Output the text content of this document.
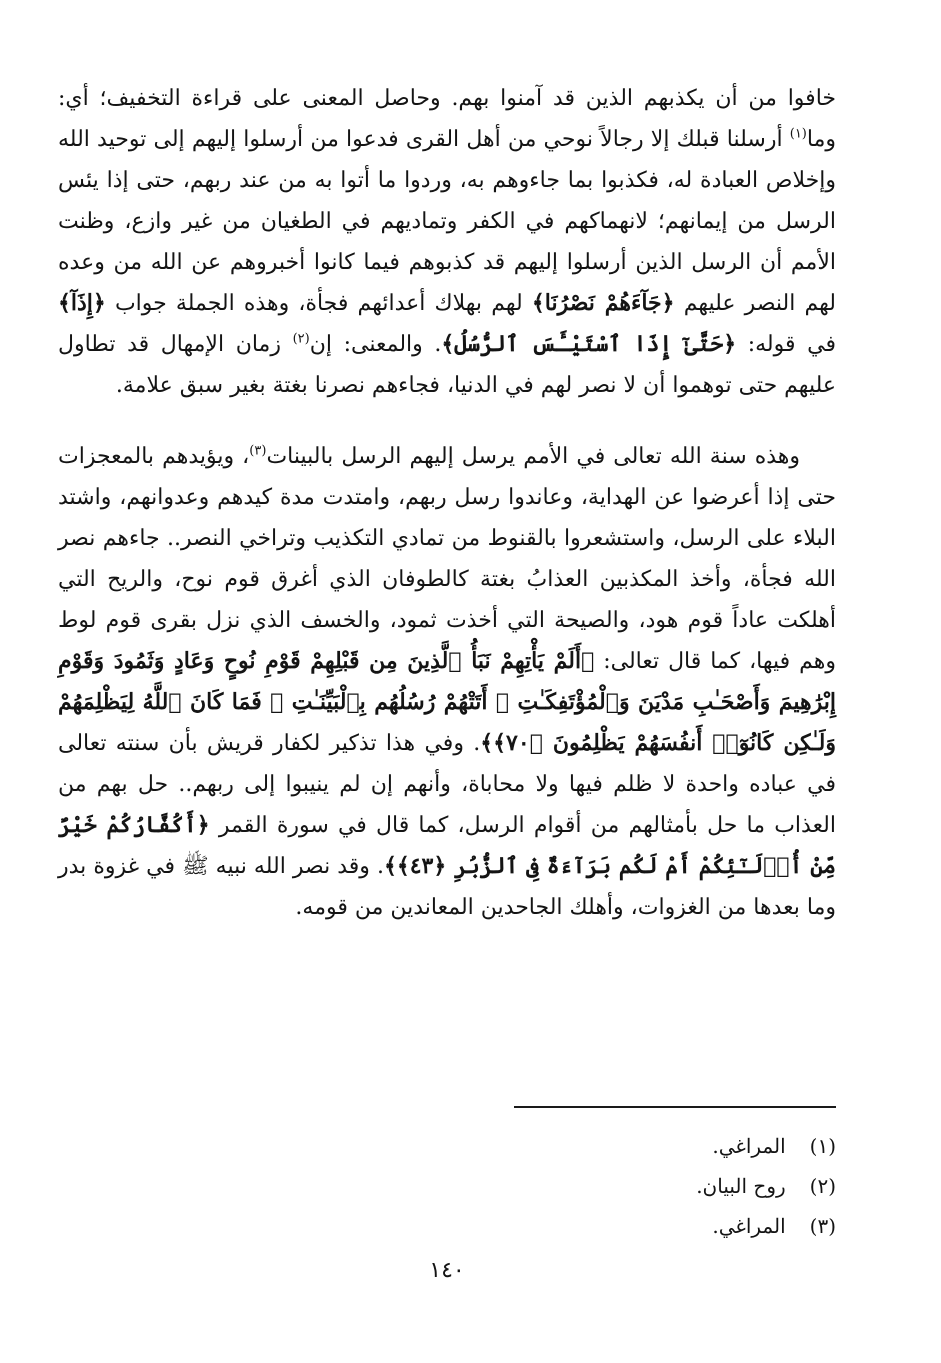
خافوا من أن يكذبهم الذين قد آمنوا بهم. وحاصل المعنى على قراءة التخفيف؛ أي: وما$^{(١)}$ أرسلنا قبلك إلا رجالاً نوحي من أهل القرى فدعوا من أرسلوا إليهم إلى توحيد الله وإخلاص العبادة له، فكذبوا بما جاءوهم به، وردوا ما أتوا به من عند ربهم، حتى إذا يئس الرسل من إيمانهم؛ لانهماكهم في الكفر وتماديهم في الطغيان من غير وازع، وظنت الأمم أن الرسل الذين أرسلوا إليهم قد كذبوهم فيما كانوا أخبروهم عن الله من وعده لهم النصر عليهم ﴿جَآءَهُمْ نَصْرُنَا﴾ لهم بهلاك أعدائهم فجأة، وهذه الجملة جواب ﴿إِذَآ﴾ في قوله: ﴿حَتَّىٰٓ إِذَا ٱسْتَيْـَٔسَ ٱلرُّسُلُ﴾. والمعنى: إن$^{(٢)}$ زمان الإمهال قد تطاول عليهم حتى توهموا أن لا نصر لهم في الدنيا، فجاءهم نصرنا بغتة بغير سبق علامة.

وهذه سنة الله تعالى في الأمم يرسل إليهم الرسل بالبينات$^{(٣)}$، ويؤيدهم بالمعجزات حتى إذا أعرضوا عن الهداية، وعاندوا رسل ربهم، وامتدت مدة كيدهم وعدوانهم، واشتد البلاء على الرسل، واستشعروا بالقنوط من تمادي التكذيب وتراخي النصر.. جاءهم نصر الله فجأة، وأخذ المكذبين العذابُ بغتة كالطوفان الذي أغرق قوم نوح، والريح التي أهلكت عاداً قوم هود، والصيحة التي أخذت ثمود، والخسف الذي نزل بقرى قوم لوط وهم فيها، كما قال تعالى: ﴿أَلَمْ يَأْتِهِمْ نَبَأُ ٱلَّذِينَ مِن قَبْلِهِمْ قَوْمِ نُوحٍ وَعَادٍ وَثَمُودَ وَقَوْمِ إِبْرَٰهِيمَ وَأَصْحَـٰبِ مَدْيَنَ وَٱلْمُؤْتَفِكَـٰتِ ۚ أَتَتْهُمْ رُسُلُهُم بِٱلْبَيِّنَـٰتِ ۖ فَمَا كَانَ ٱللَّهُ لِيَظْلِمَهُمْ وَلَـٰكِن كَانُوٓا۟ أَنفُسَهُمْ يَظْلِمُونَ ﴿٧٠﴾﴾. وفي هذا تذكير لكفار قريش بأن سنته تعالى في عباده واحدة لا ظلم فيها ولا محاباة، وأنهم إن لم ينيبوا إلى ربهم.. حل بهم من العذاب ما حل بأمثالهم من أقوام الرسل، كما قال في سورة القمر ﴿أَكُفَّارُكُمْ خَيْرٌ مِّنْ أُو۟لَـٰٓئِكُمْ أَمْ لَكُم بَرَآءَةٌ فِى ٱلزُّبُرِ ﴿٤٣﴾﴾. وقد نصر الله نبيه ﷺ في غزوة بدر وما بعدها من الغزوات، وأهلك الجاحدين المعاندين من قومه.

(١) المراغي.
(٢) روح البيان.
(٣) المراغي.
١٤٠
